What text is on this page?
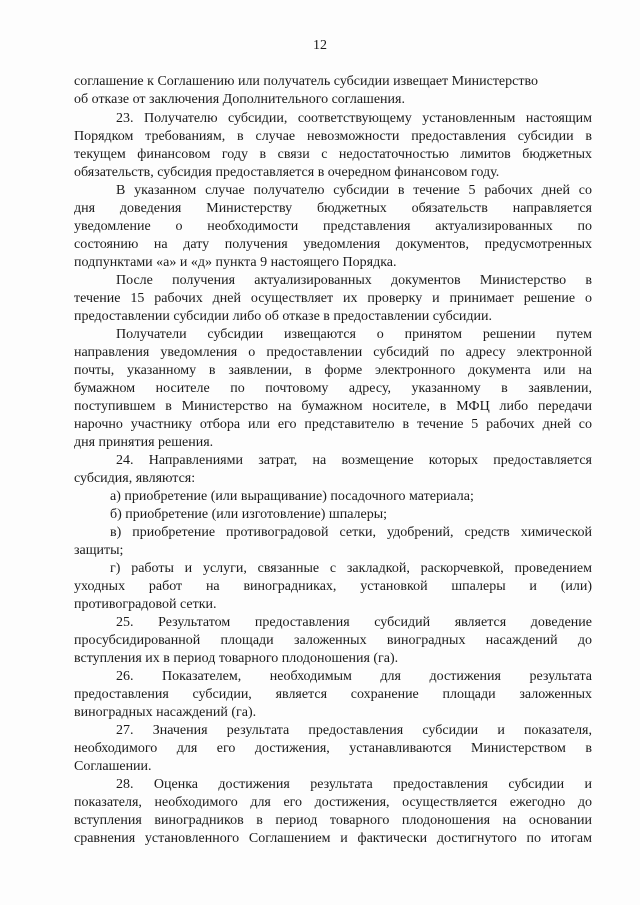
12
соглашение к Соглашению или получатель субсидии извещает Министерство
об отказе от заключения Дополнительного соглашения.
23. Получателю субсидии, соответствующему установленным настоящим
Порядком требованиям, в случае невозможности предоставления субсидии в
текущем финансовом году в связи с недостаточностью лимитов бюджетных
обязательств, субсидия предоставляется в очередном финансовом году.
В указанном случае получателю субсидии в течение 5 рабочих дней со
дня доведения Министерству бюджетных обязательств направляется
уведомление о необходимости представления актуализированных по
состоянию на дату получения уведомления документов, предусмотренных
подпунктами «а» и «д» пункта 9 настоящего Порядка.
После получения актуализированных документов Министерство в
течение 15 рабочих дней осуществляет их проверку и принимает решение о
предоставлении субсидии либо об отказе в предоставлении субсидии.
Получатели субсидии извещаются о принятом решении путем
направления уведомления о предоставлении субсидий по адресу электронной
почты, указанному в заявлении, в форме электронного документа или на
бумажном носителе по почтовому адресу, указанному в заявлении,
поступившем в Министерство на бумажном носителе, в МФЦ либо передачи
нарочно участнику отбора или его представителю в течение 5 рабочих дней со
дня принятия решения.
24. Направлениями затрат, на возмещение которых предоставляется
субсидия, являются:
а) приобретение (или выращивание) посадочного материала;
б) приобретение (или изготовление) шпалеры;
в) приобретение противоградовой сетки, удобрений, средств химической
защиты;
г) работы и услуги, связанные с закладкой, раскорчевкой, проведением
уходных работ на виноградниках, установкой шпалеры и (или)
противоградовой сетки.
25. Результатом предоставления субсидий является доведение
просубсидированной площади заложенных виноградных насаждений до
вступления их в период товарного плодоношения (га).
26. Показателем, необходимым для достижения результата
предоставления субсидии, является сохранение площади заложенных
виноградных насаждений (га).
27. Значения результата предоставления субсидии и показателя,
необходимого для его достижения, устанавливаются Министерством в
Соглашении.
28. Оценка достижения результата предоставления субсидии и
показателя, необходимого для его достижения, осуществляется ежегодно до
вступления виноградников в период товарного плодоношения на основании
сравнения установленного Соглашением и фактически достигнутого по итогам
